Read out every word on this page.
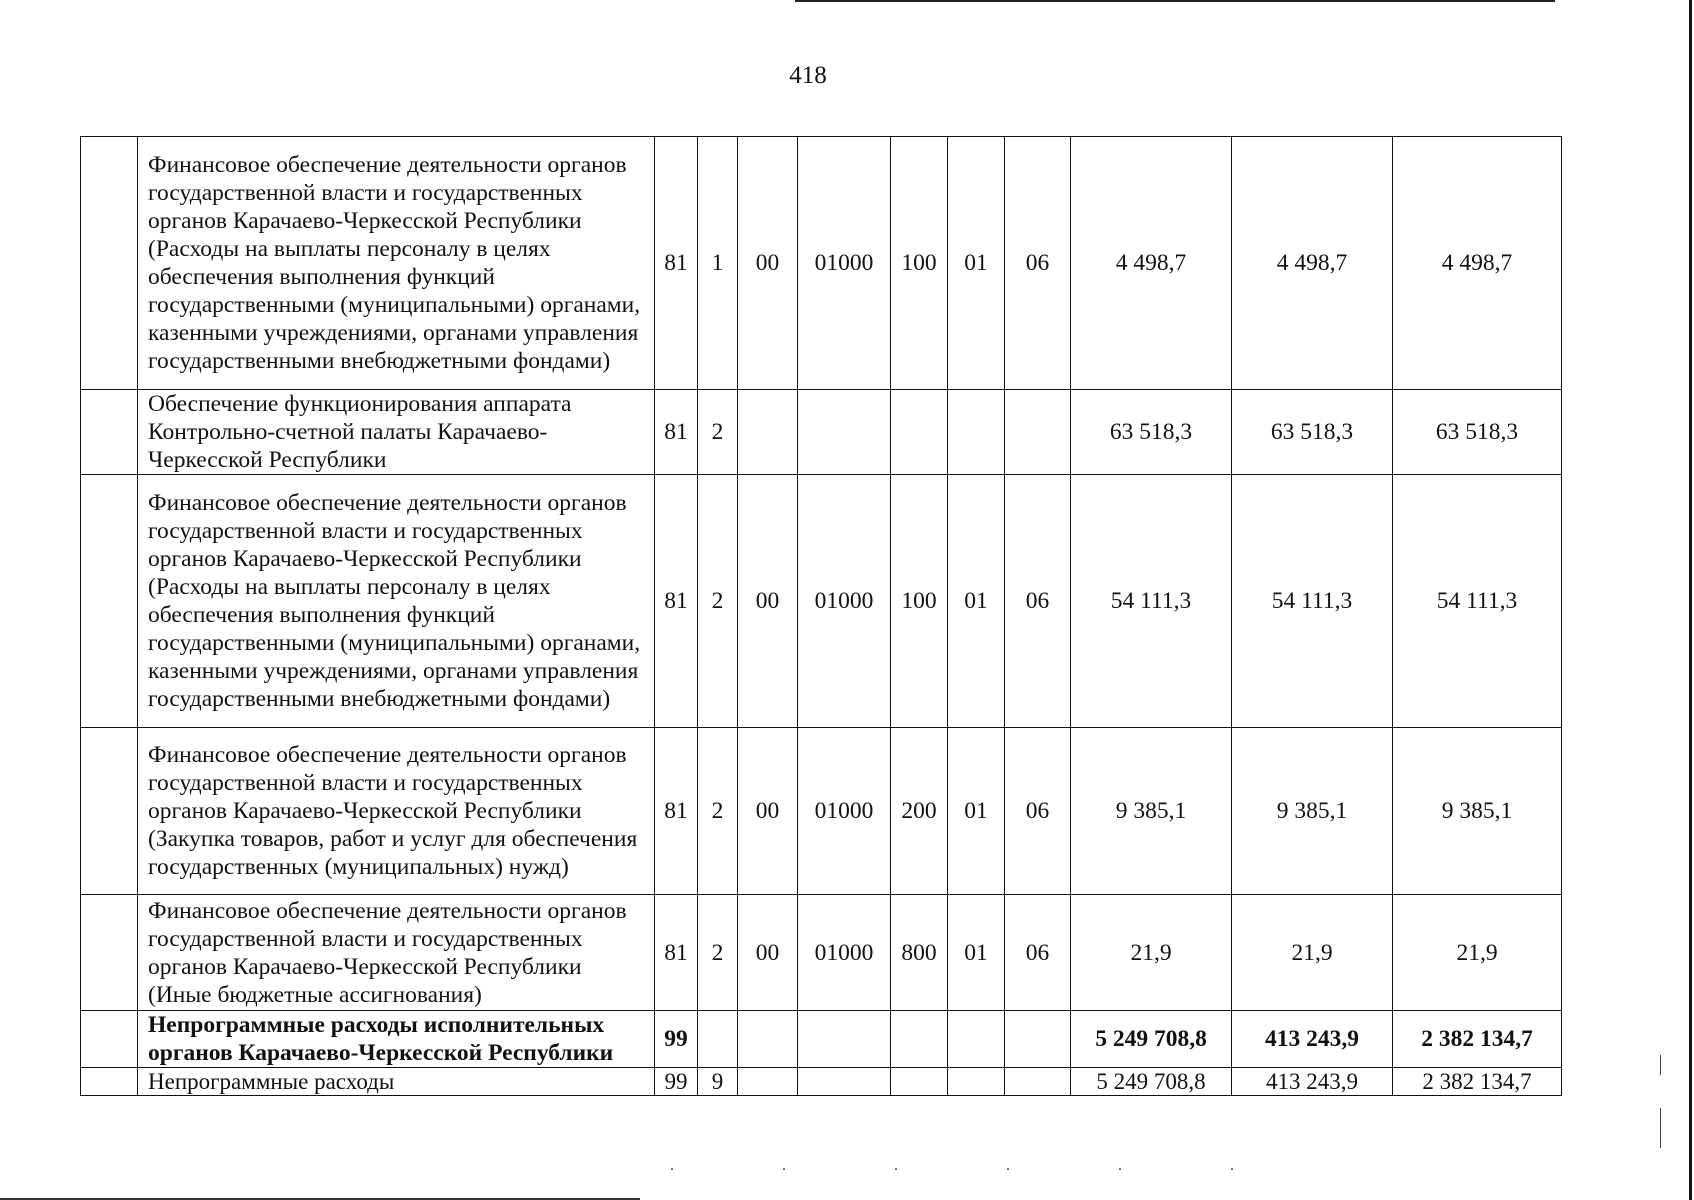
418
	Финансовое обеспечение деятельности органов государственной власти и государственных органов Карачаево-Черкесской Республики (Расходы на выплаты персоналу в целях обеспечения выполнения функций государственными (муниципальными) органами, казенными учреждениями, органами управления государственными внебюджетными фондами)	81	1	00	01000	100	01	06	4 498,7	4 498,7	4 498,7
	Обеспечение функционирования аппарата Контрольно-счетной палаты Карачаево-Черкесской Республики	81	2						63 518,3	63 518,3	63 518,3
	Финансовое обеспечение деятельности органов государственной власти и государственных органов Карачаево-Черкесской Республики (Расходы на выплаты персоналу в целях обеспечения выполнения функций государственными (муниципальными) органами, казенными учреждениями, органами управления государственными внебюджетными фондами)	81	2	00	01000	100	01	06	54 111,3	54 111,3	54 111,3
	Финансовое обеспечение деятельности органов государственной власти и государственных органов Карачаево-Черкесской Республики (Закупка товаров, работ и услуг для обеспечения государственных (муниципальных) нужд)	81	2	00	01000	200	01	06	9 385,1	9 385,1	9 385,1
	Финансовое обеспечение деятельности органов государственной власти и государственных органов Карачаево-Черкесской Республики (Иные бюджетные ассигнования)	81	2	00	01000	800	01	06	21,9	21,9	21,9
	Непрограммные расходы исполнительных органов Карачаево-Черкесской Республики	99							5 249 708,8	413 243,9	2 382 134,7
	Непрограммные расходы	99	9						5 249 708,8	413 243,9	2 382 134,7
. . . . . .
